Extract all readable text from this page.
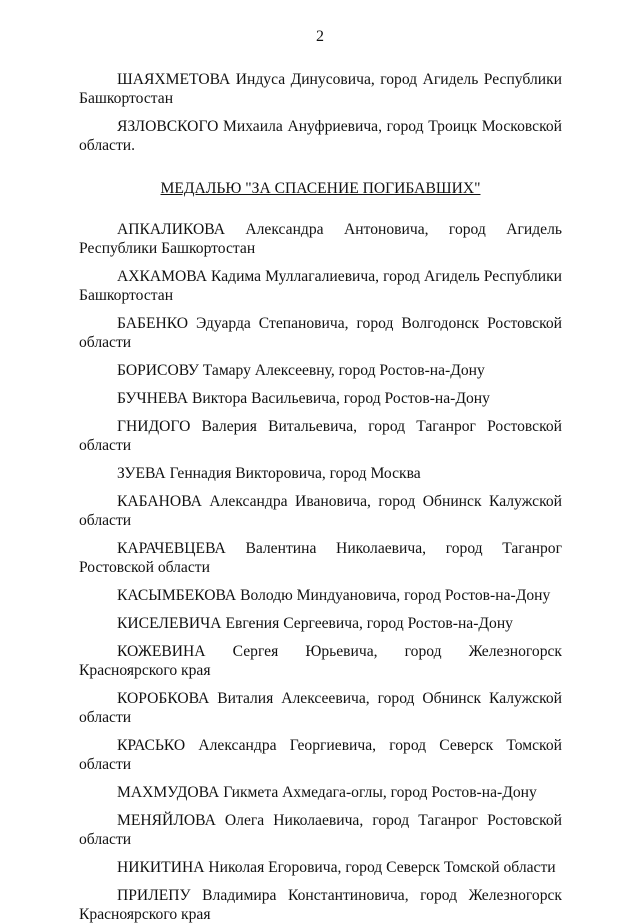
2

ШАЯХМЕТОВА Индуса Динусовича, город Агидель Республики Башкортостан

ЯЗЛОВСКОГО Михаила Ануфриевича, город Троицк Московской области.

МЕДАЛЬЮ "ЗА СПАСЕНИЕ ПОГИБАВШИХ"

АПКАЛИКОВА Александра Антоновича, город Агидель Республики Башкортостан

АХКАМОВА Кадима Муллагалиевича, город Агидель Республики Башкортостан

БАБЕНКО Эдуарда Степановича, город Волгодонск Ростовской области

БОРИСОВУ Тамару Алексеевну, город Ростов-на-Дону

БУЧНЕВА Виктора Васильевича, город Ростов-на-Дону

ГНИДОГО Валерия Витальевича, город Таганрог Ростовской области

ЗУЕВА Геннадия Викторовича, город Москва

КАБАНОВА Александра Ивановича, город Обнинск Калужской области

КАРАЧЕВЦЕВА Валентина Николаевича, город Таганрог Ростовской области

КАСЫМБЕКОВА Володю Миндуановича, город Ростов-на-Дону

КИСЕЛЕВИЧА Евгения Сергеевича, город Ростов-на-Дону

КОЖЕВИНА Сергея Юрьевича, город Железногорск Красноярского края

КОРОБКОВА Виталия Алексеевича, город Обнинск Калужской области

КРАСЬКО Александра Георгиевича, город Северск Томской области

МАХМУДОВА Гикмета Ахмедага-оглы, город Ростов-на-Дону

МЕНЯЙЛОВА Олега Николаевича, город Таганрог Ростовской области

НИКИТИНА Николая Егоровича, город Северск Томской области

ПРИЛЕПУ Владимира Константиновича, город Железногорск Красноярского края
